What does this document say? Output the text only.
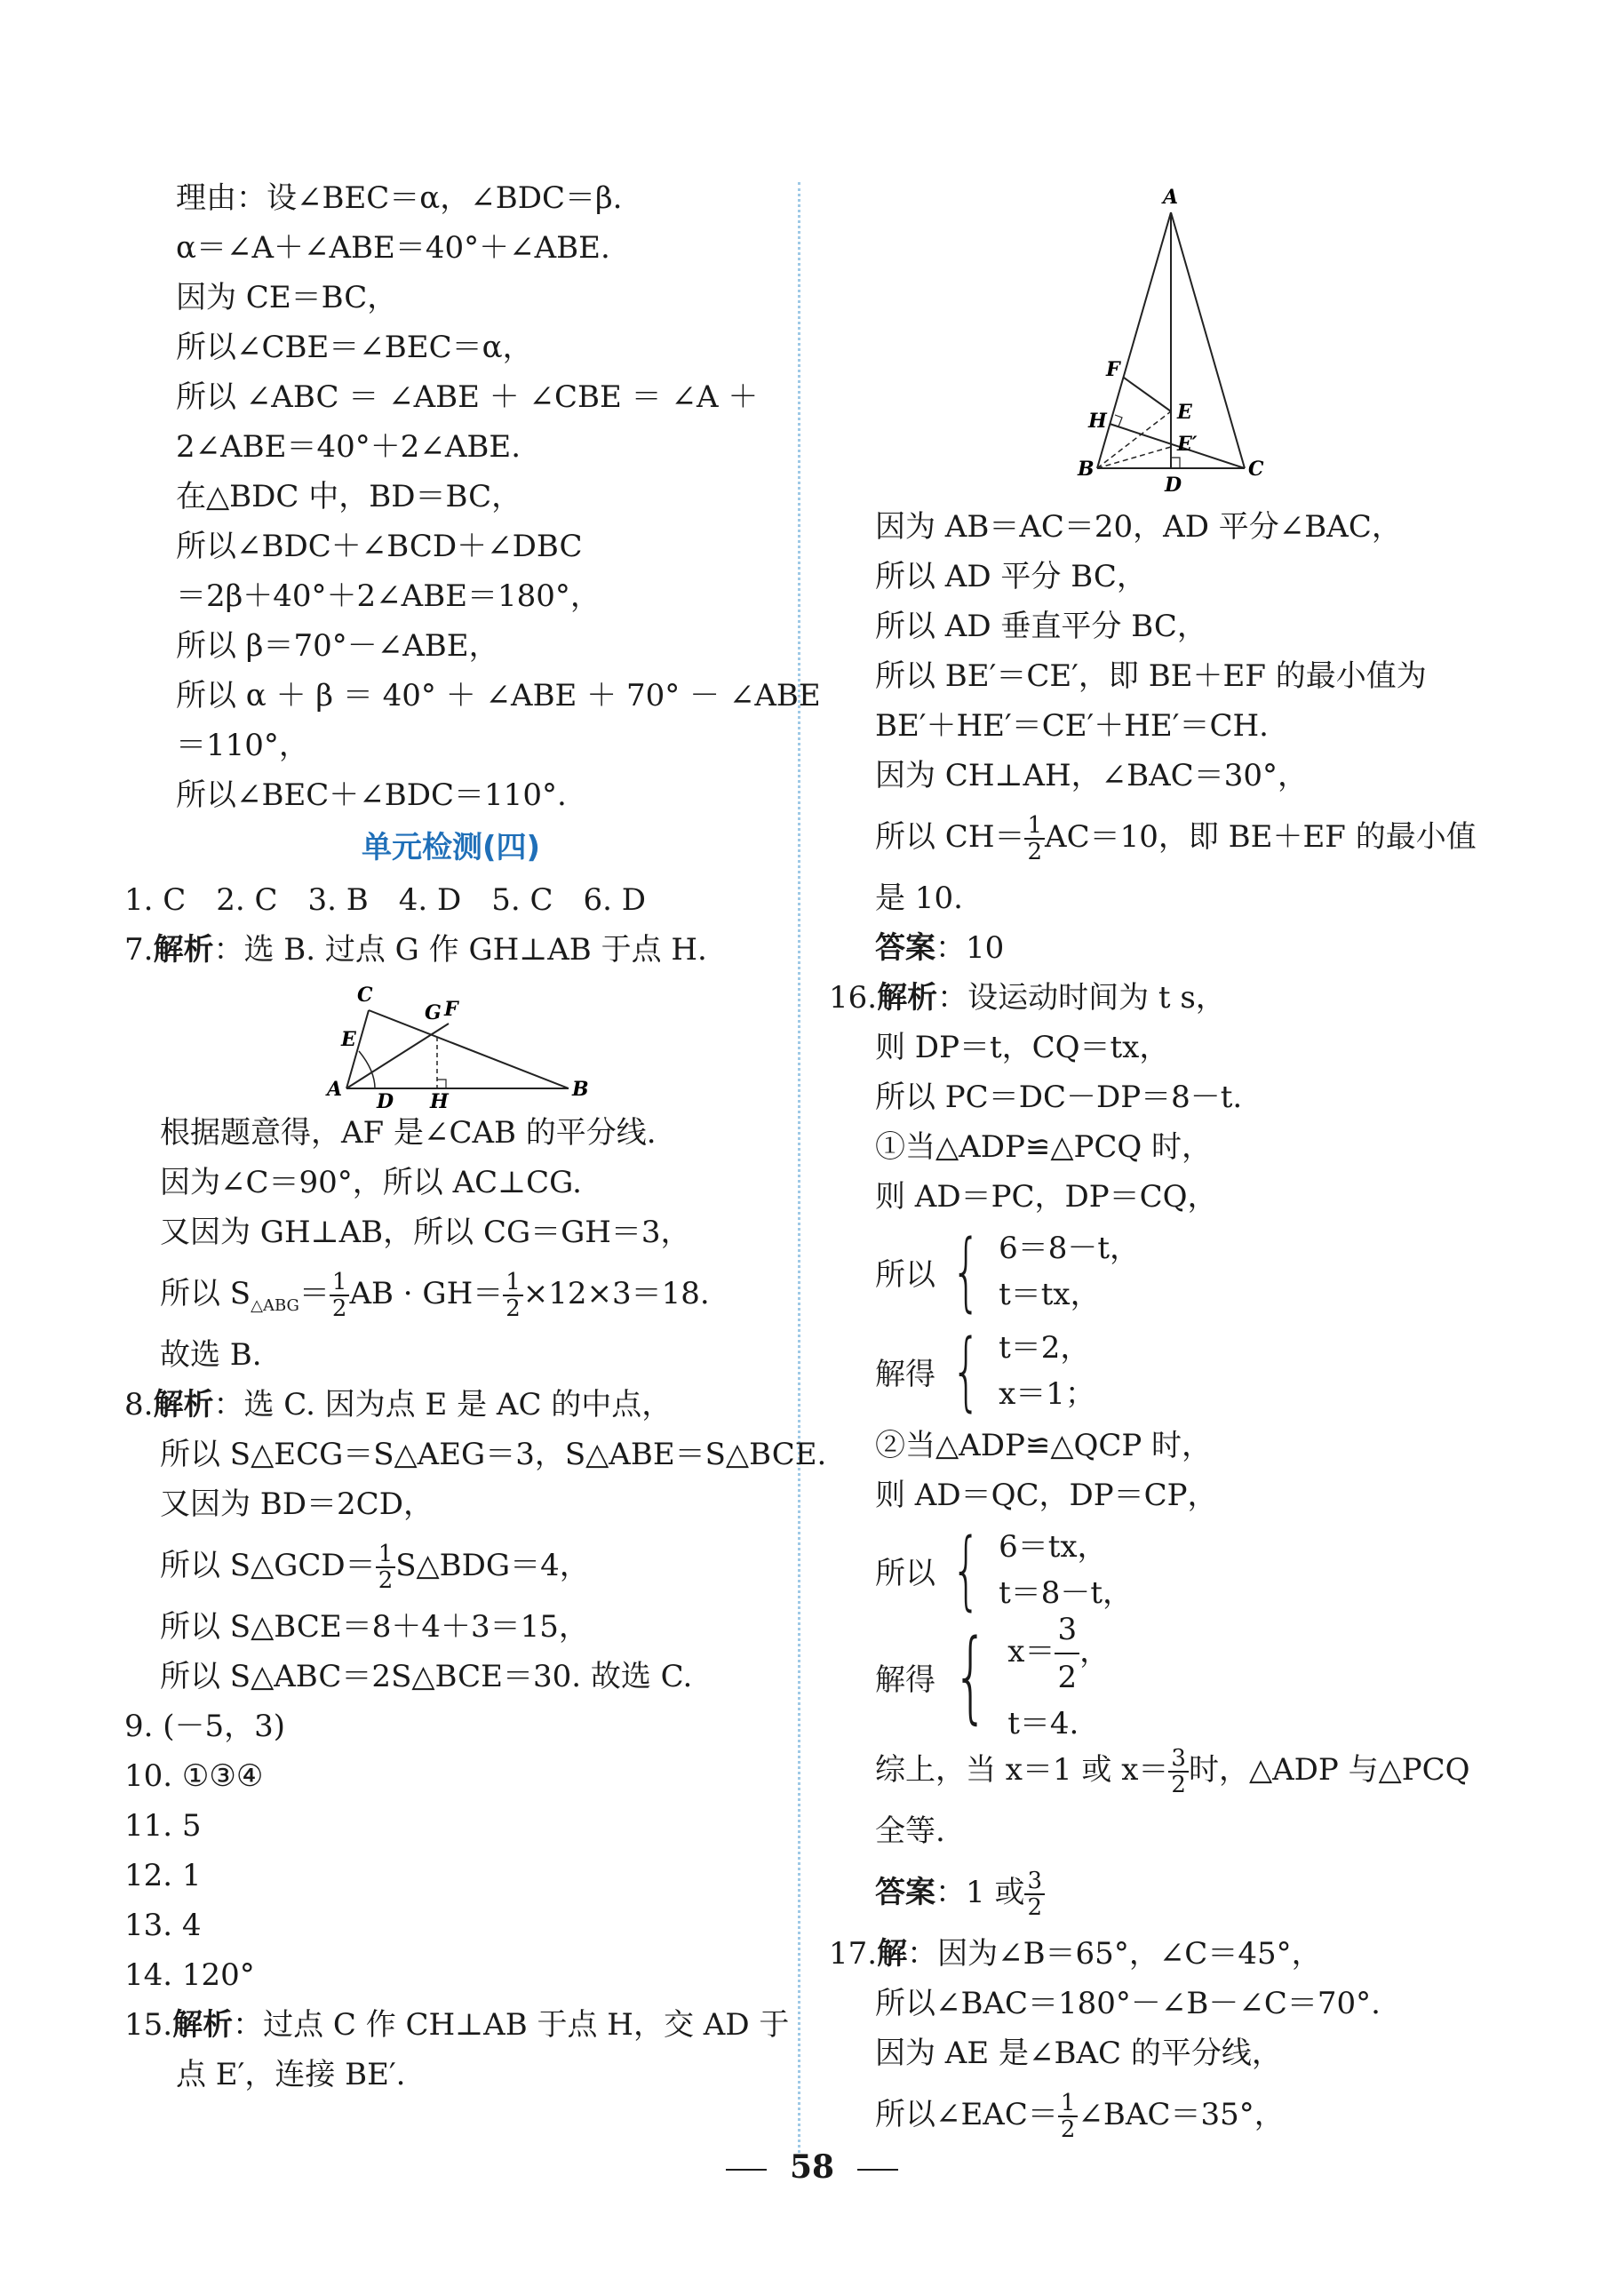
理由：设∠BEC＝α，∠BDC＝β.
α＝∠A＋∠ABE＝40°＋∠ABE.
因为 CE＝BC，
所以∠CBE＝∠BEC＝α，
所以 ∠ABC ＝ ∠ABE ＋ ∠CBE ＝ ∠A ＋
2∠ABE＝40°＋2∠ABE.
在△BDC 中，BD＝BC，
所以∠BDC＋∠BCD＋∠DBC
＝2β＋40°＋2∠ABE＝180°，
所以 β＝70°－∠ABE，
所以 α ＋ β ＝ 40° ＋ ∠ABE ＋ 70° － ∠ABE
＝110°，
所以∠BEC＋∠BDC＝110°.
单元检测(四)
1. C　2. C　3. B　4. D　5. C　6. D
7.解析：选 B. 过点 G 作 GH⊥AB 于点 H.
A
C
E
G F
D H
B
根据题意得，AF 是∠CAB 的平分线.
因为∠C＝90°，所以 AC⊥CG.
又因为 GH⊥AB，所以 CG＝GH＝3，
所以 $S_{\triangle ABG}= \frac{1}{2}$ AB · $GH= \frac{1}{2} \times 12\times 3=18$.
故选 B.
8.解析：选 C. 因为点 E 是 AC 的中点，
所以 S△ECG＝S△AEG＝3，S△ABE＝S△BCE.
又因为 BD＝2CD，
所以 S△GCD＝ $\frac{1}{2}$ S△BDG＝4，
所以 S△BCE＝8＋4＋3＝15，
所以 S△ABC＝2S△BCE＝30. 故选 C.
9. (－5，3)
10. ①③④
11. 5
12. 1
13. 4
14. 120°
15.解析：过点 C 作 CH⊥AB 于点 H，交 AD 于
点 E′，连接 BE′.
A
F
E
H
E′
B
D
C
因为 AB＝AC＝20，AD 平分∠BAC，
所以 AD 平分 BC，
所以 AD 垂直平分 BC，
所以 BE′＝CE′，即 BE＋EF 的最小值为
BE′＋HE′＝CE′＋HE′＝CH.
因为 CH⊥AH，∠BAC＝30°，
所以 $CH= \frac{1}{2} AC=10$，即 BE＋EF 的最小值
是 10.
答案：10
16.解析：设运动时间为 t s，
则 DP＝t，CQ＝tx，
所以 PC＝DC－DP＝8－t.
①当△ADP≌△PCQ 时，
则 AD＝PC，DP＝CQ，
所以 { 6＝8－t，
t＝tx，
解得 { t＝2，
x＝1；
②当△ADP≌△QCP 时，
则 AD＝QC，DP＝CP，
所以 { 6＝tx，
t＝8－t，
解得 { $x= \frac{3}{2}$ ，
t＝4.
综上，当 x＝1 或 $x= \frac{3}{2}$ 时，△ADP 与△PCQ
全等.
答案：1 或 $\frac{3}{2}$
17.解：因为∠B＝65°，∠C＝45°，
所以∠BAC＝180°－∠B－∠C＝70°.
因为 AE 是∠BAC 的平分线，
所以∠EAC＝ $\frac{1}{2}$ ∠BAC＝35°，
58
